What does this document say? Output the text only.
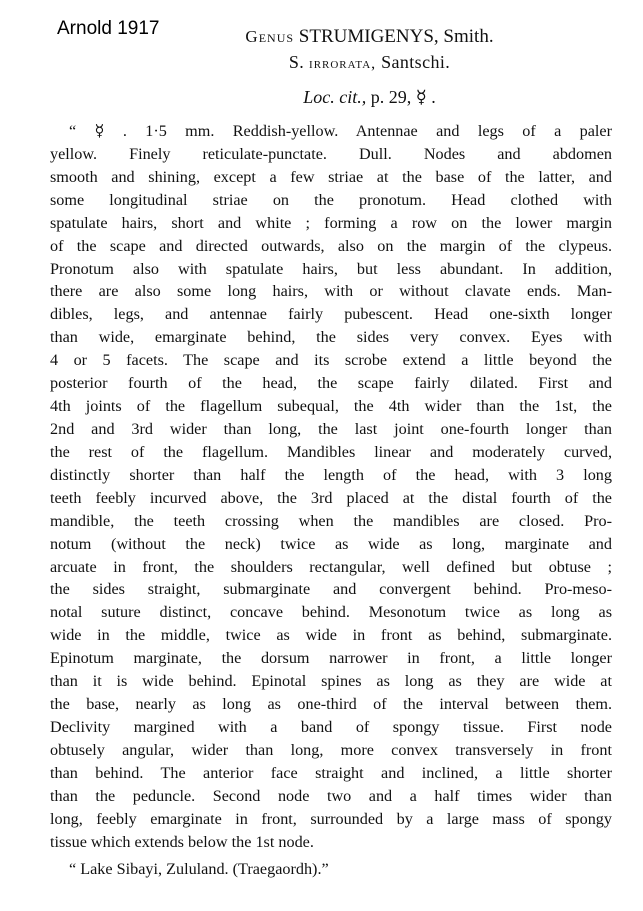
Arnold 1917	Genus STRUMIGENYS, Smith.
S. irrorata, Santschi.
Loc. cit., p. 29, ☿ .
“ ☿ . 1·5 mm. Reddish-yellow. Antennae and legs of a paler
yellow. Finely reticulate-punctate. Dull. Nodes and abdomen
smooth and shining, except a few striae at the base of the latter, and
some longitudinal striae on the pronotum. Head clothed with
spatulate hairs, short and white ; forming a row on the lower margin
of the scape and directed outwards, also on the margin of the clypeus.
Pronotum also with spatulate hairs, but less abundant. In addition,
there are also some long hairs, with or without clavate ends. Man-
dibles, legs, and antennae fairly pubescent. Head one-sixth longer
than wide, emarginate behind, the sides very convex. Eyes with
4 or 5 facets. The scape and its scrobe extend a little beyond the
posterior fourth of the head, the scape fairly dilated. First and
4th joints of the flagellum subequal, the 4th wider than the 1st, the
2nd and 3rd wider than long, the last joint one-fourth longer than
the rest of the flagellum. Mandibles linear and moderately curved,
distinctly shorter than half the length of the head, with 3 long
teeth feebly incurved above, the 3rd placed at the distal fourth of the
mandible, the teeth crossing when the mandibles are closed. Pro-
notum (without the neck) twice as wide as long, marginate and
arcuate in front, the shoulders rectangular, well defined but obtuse ;
the sides straight, submarginate and convergent behind. Pro-meso-
notal suture distinct, concave behind. Mesonotum twice as long as
wide in the middle, twice as wide in front as behind, submarginate.
Epinotum marginate, the dorsum narrower in front, a little longer
than it is wide behind. Epinotal spines as long as they are wide at
the base, nearly as long as one-third of the interval between them.
Declivity margined with a band of spongy tissue. First node
obtusely angular, wider than long, more convex transversely in front
than behind. The anterior face straight and inclined, a little shorter
than the peduncle. Second node two and a half times wider than
long, feebly emarginate in front, surrounded by a large mass of spongy
tissue which extends below the 1st node.
“ Lake Sibayi, Zululand. (Traegaordh).”
